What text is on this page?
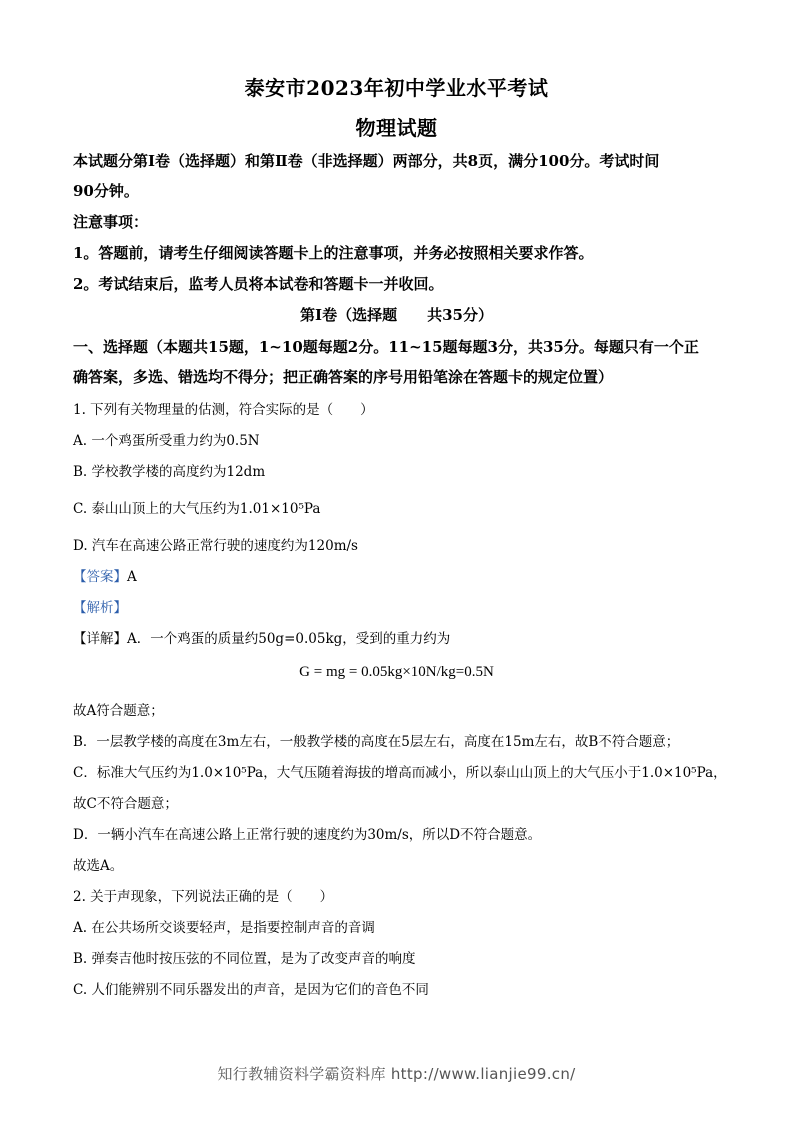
泰安市2023年初中学业水平考试
物理试题
本试题分第Ⅰ卷（选择题）和第Ⅱ卷（非选择题）两部分，共8页，满分100分。考试时间
90分钟。
注意事项：
1。答题前，请考生仔细阅读答题卡上的注意事项，并务必按照相关要求作答。
2。考试结束后，监考人员将本试卷和答题卡一并收回。
第Ⅰ卷（选择题　　共35分）
一、选择题（本题共15题，1~10题每题2分。11~15题每题3分，共35分。每题只有一个正
确答案，多选、错选均不得分；把正确答案的序号用铅笔涂在答题卡的规定位置）
1. 下列有关物理量的估测，符合实际的是（　　）
A. 一个鸡蛋所受重力约为0.5N
B. 学校教学楼的高度约为12dm
C. 泰山山顶上的大气压约为1.01×10⁵Pa
D. 汽车在高速公路正常行驶的速度约为120m/s
【答案】A
【解析】
【详解】A．一个鸡蛋的质量约50g=0.05kg，受到的重力约为
G = mg = 0.05kg×10N/kg=0.5N
故A符合题意；
B．一层教学楼的高度在3m左右，一般教学楼的高度在5层左右，高度在15m左右，故B不符合题意；
C．标准大气压约为1.0×10⁵Pa，大气压随着海拔的增高而减小，所以泰山山顶上的大气压小于1.0×10⁵Pa，
故C不符合题意；
D．一辆小汽车在高速公路上正常行驶的速度约为30m/s，所以D不符合题意。
故选A。
2. 关于声现象，下列说法正确的是（　　）
A. 在公共场所交谈要轻声，是指要控制声音的音调
B. 弹奏吉他时按压弦的不同位置，是为了改变声音的响度
C. 人们能辨别不同乐器发出的声音，是因为它们的音色不同
知行教辅资料学霸资料库 http://www.lianjie99.cn/
